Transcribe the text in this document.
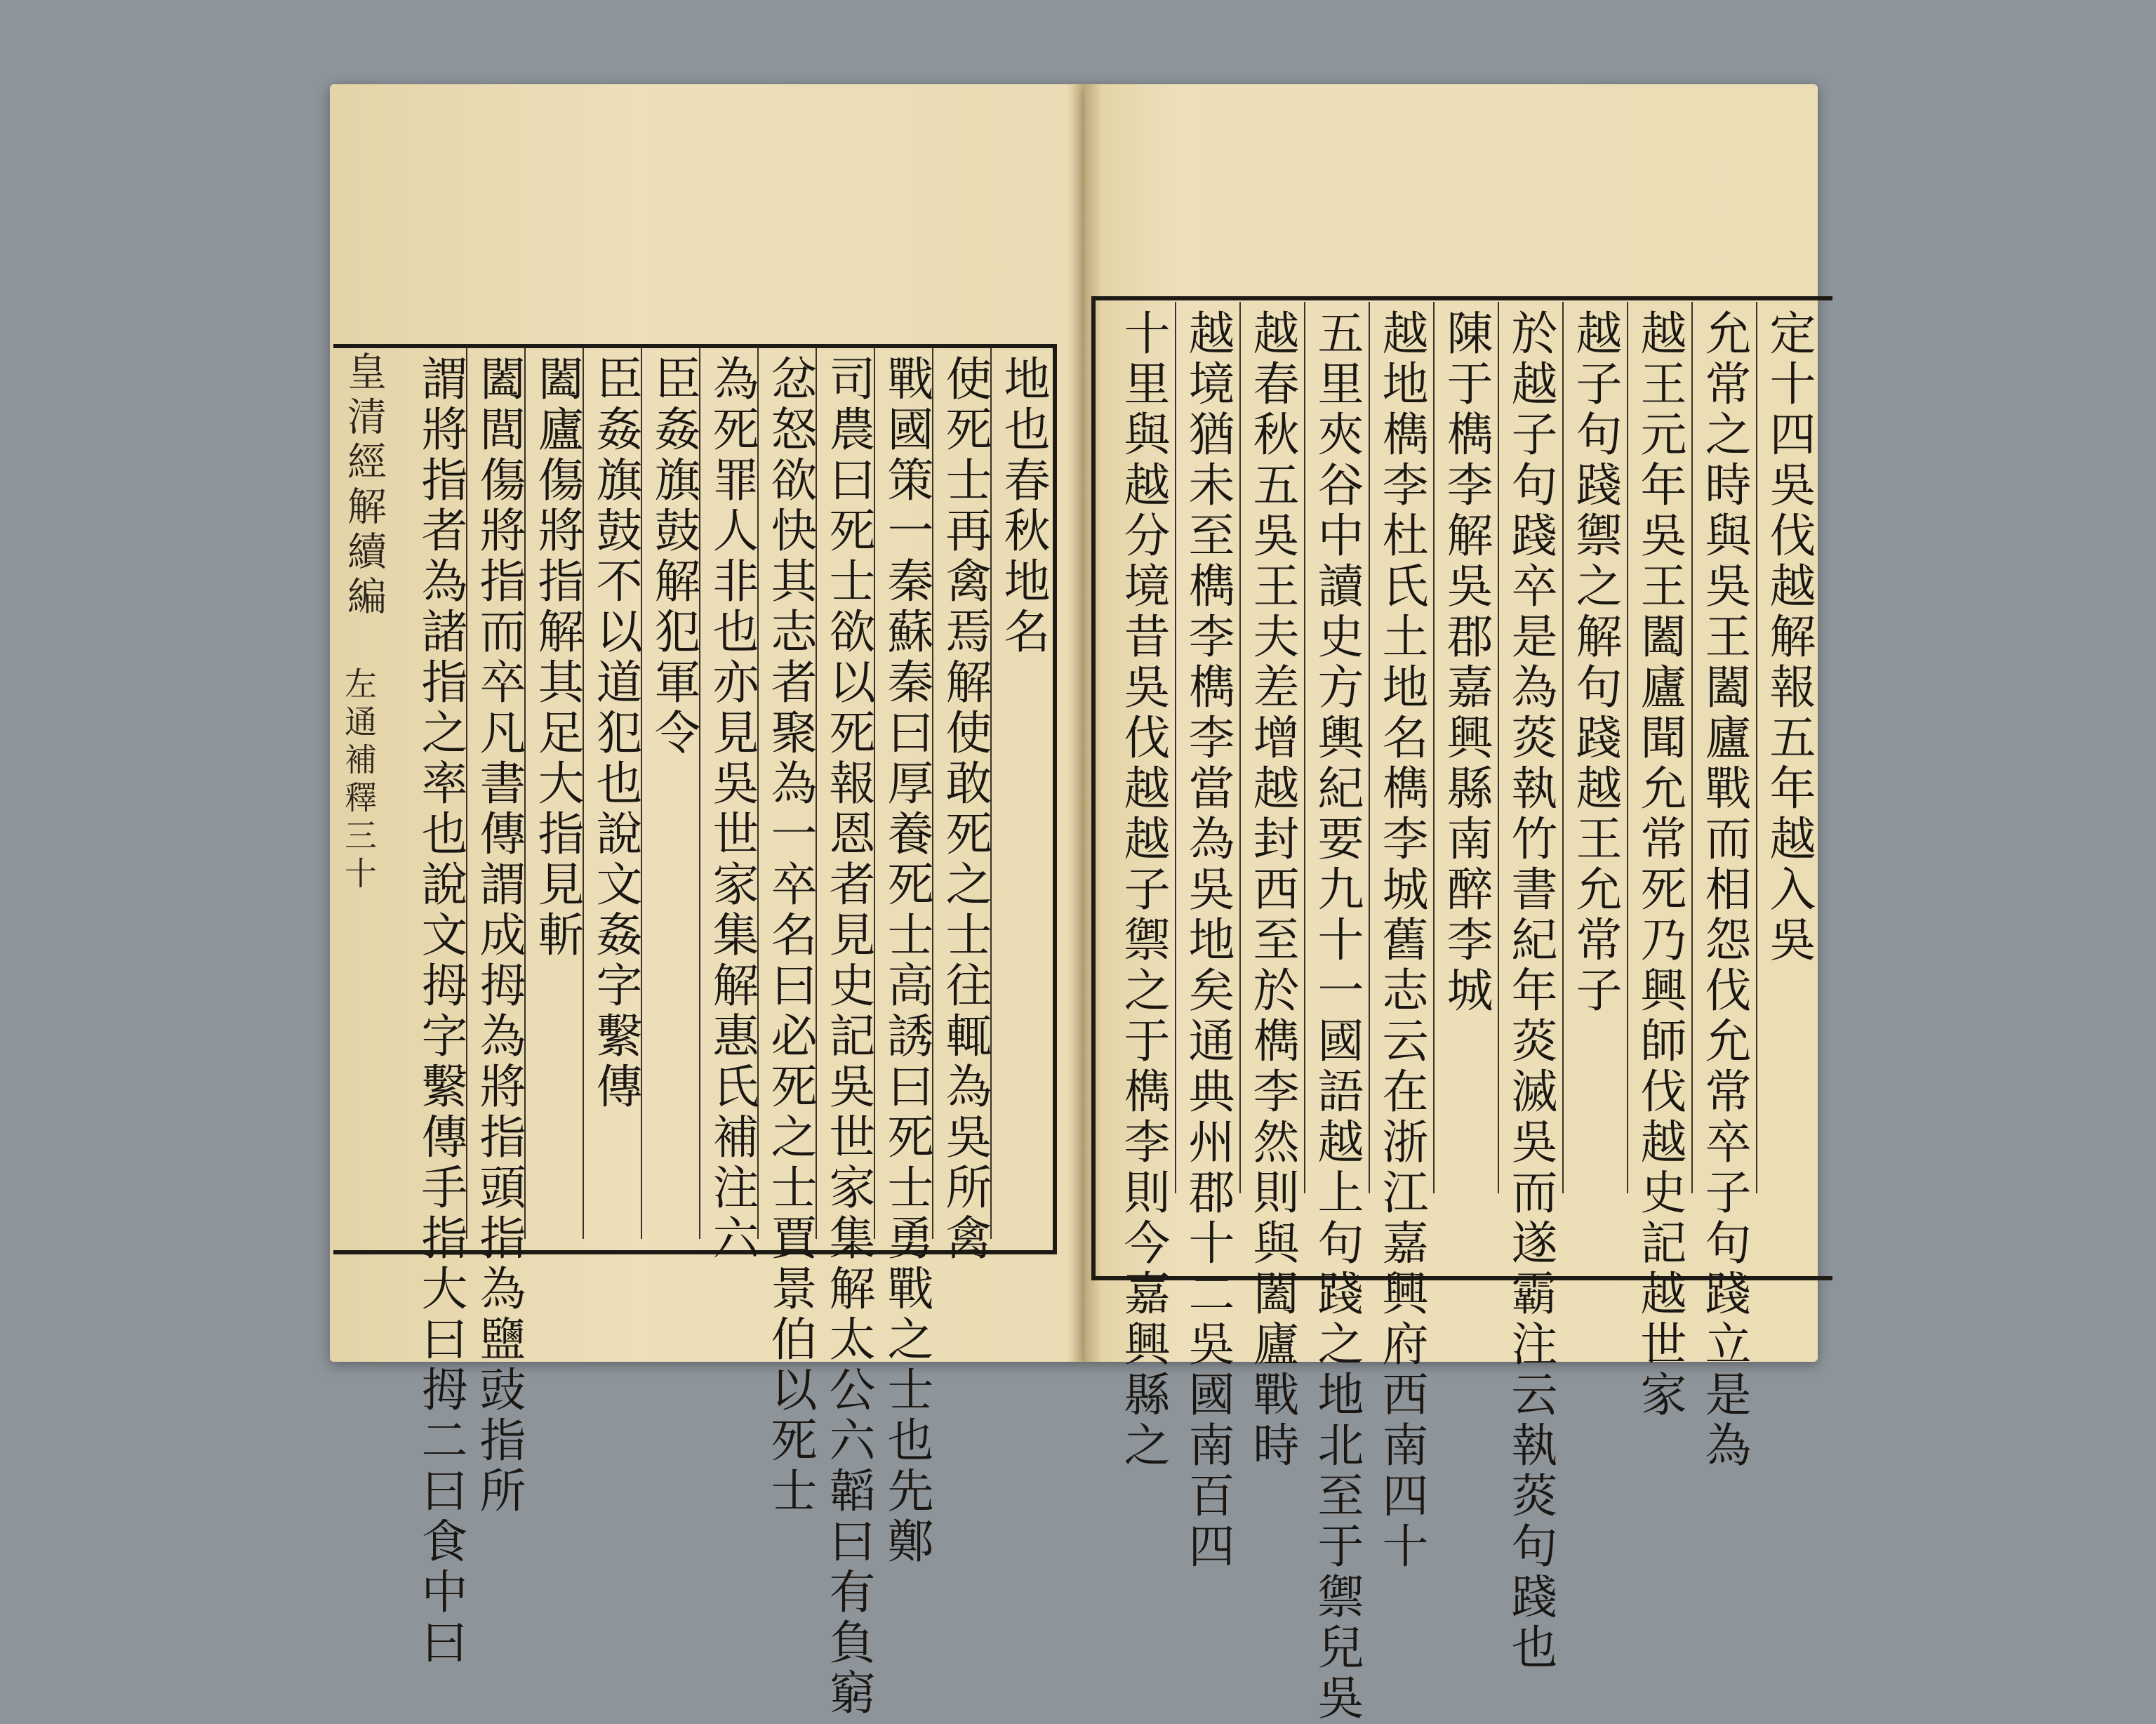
皇清經解續編
左通補釋三十
地也春秋地名
使死士再禽焉解使敢死之士往輒為吳所禽
戰國策一秦蘇秦曰厚養死士高誘曰死士勇戰之士也先鄭
司農曰死士欲以死報恩者見史記吳世家集解太公六韜曰有負窮
忿怒欲快其志者聚為一卒名曰必死之士賈景伯以死士
為死罪人非也亦見吳世家集解惠氏補注六
臣姦旗鼓解犯軍令
臣姦旗鼓不以道犯也說文姦字繫傳
闔廬傷將指解其足大指見斬
闔閭傷將指而卒凡書傳謂成拇為將指頭指為鹽豉指所
謂將指者為諸指之率也說文拇字繫傳手指大曰拇二曰食中曰	定十四吳伐越解報五年越入吳
允常之時與吳王闔廬戰而相怨伐允常卒子句踐立是為
越王元年吳王闔廬聞允常死乃興師伐越史記越世家
越子句踐禦之解句踐越王允常子
於越子句踐卒是為菼執竹書紀年菼滅吳而遂霸注云執菼句踐也
陳于檇李解吳郡嘉興縣南醉李城
越地檇李杜氏土地名檇李城舊志云在浙江嘉興府西南四十
五里夾谷中讀史方輿紀要九十一國語越上句踐之地北至于禦兒吳
越春秋五吳王夫差增越封西至於檇李然則與闔廬戰時
越境猶未至檇李檇李當為吳地矣通典州郡十二吳國南百四
十里與越分境昔吳伐越越子禦之于檇李則今嘉興縣之
